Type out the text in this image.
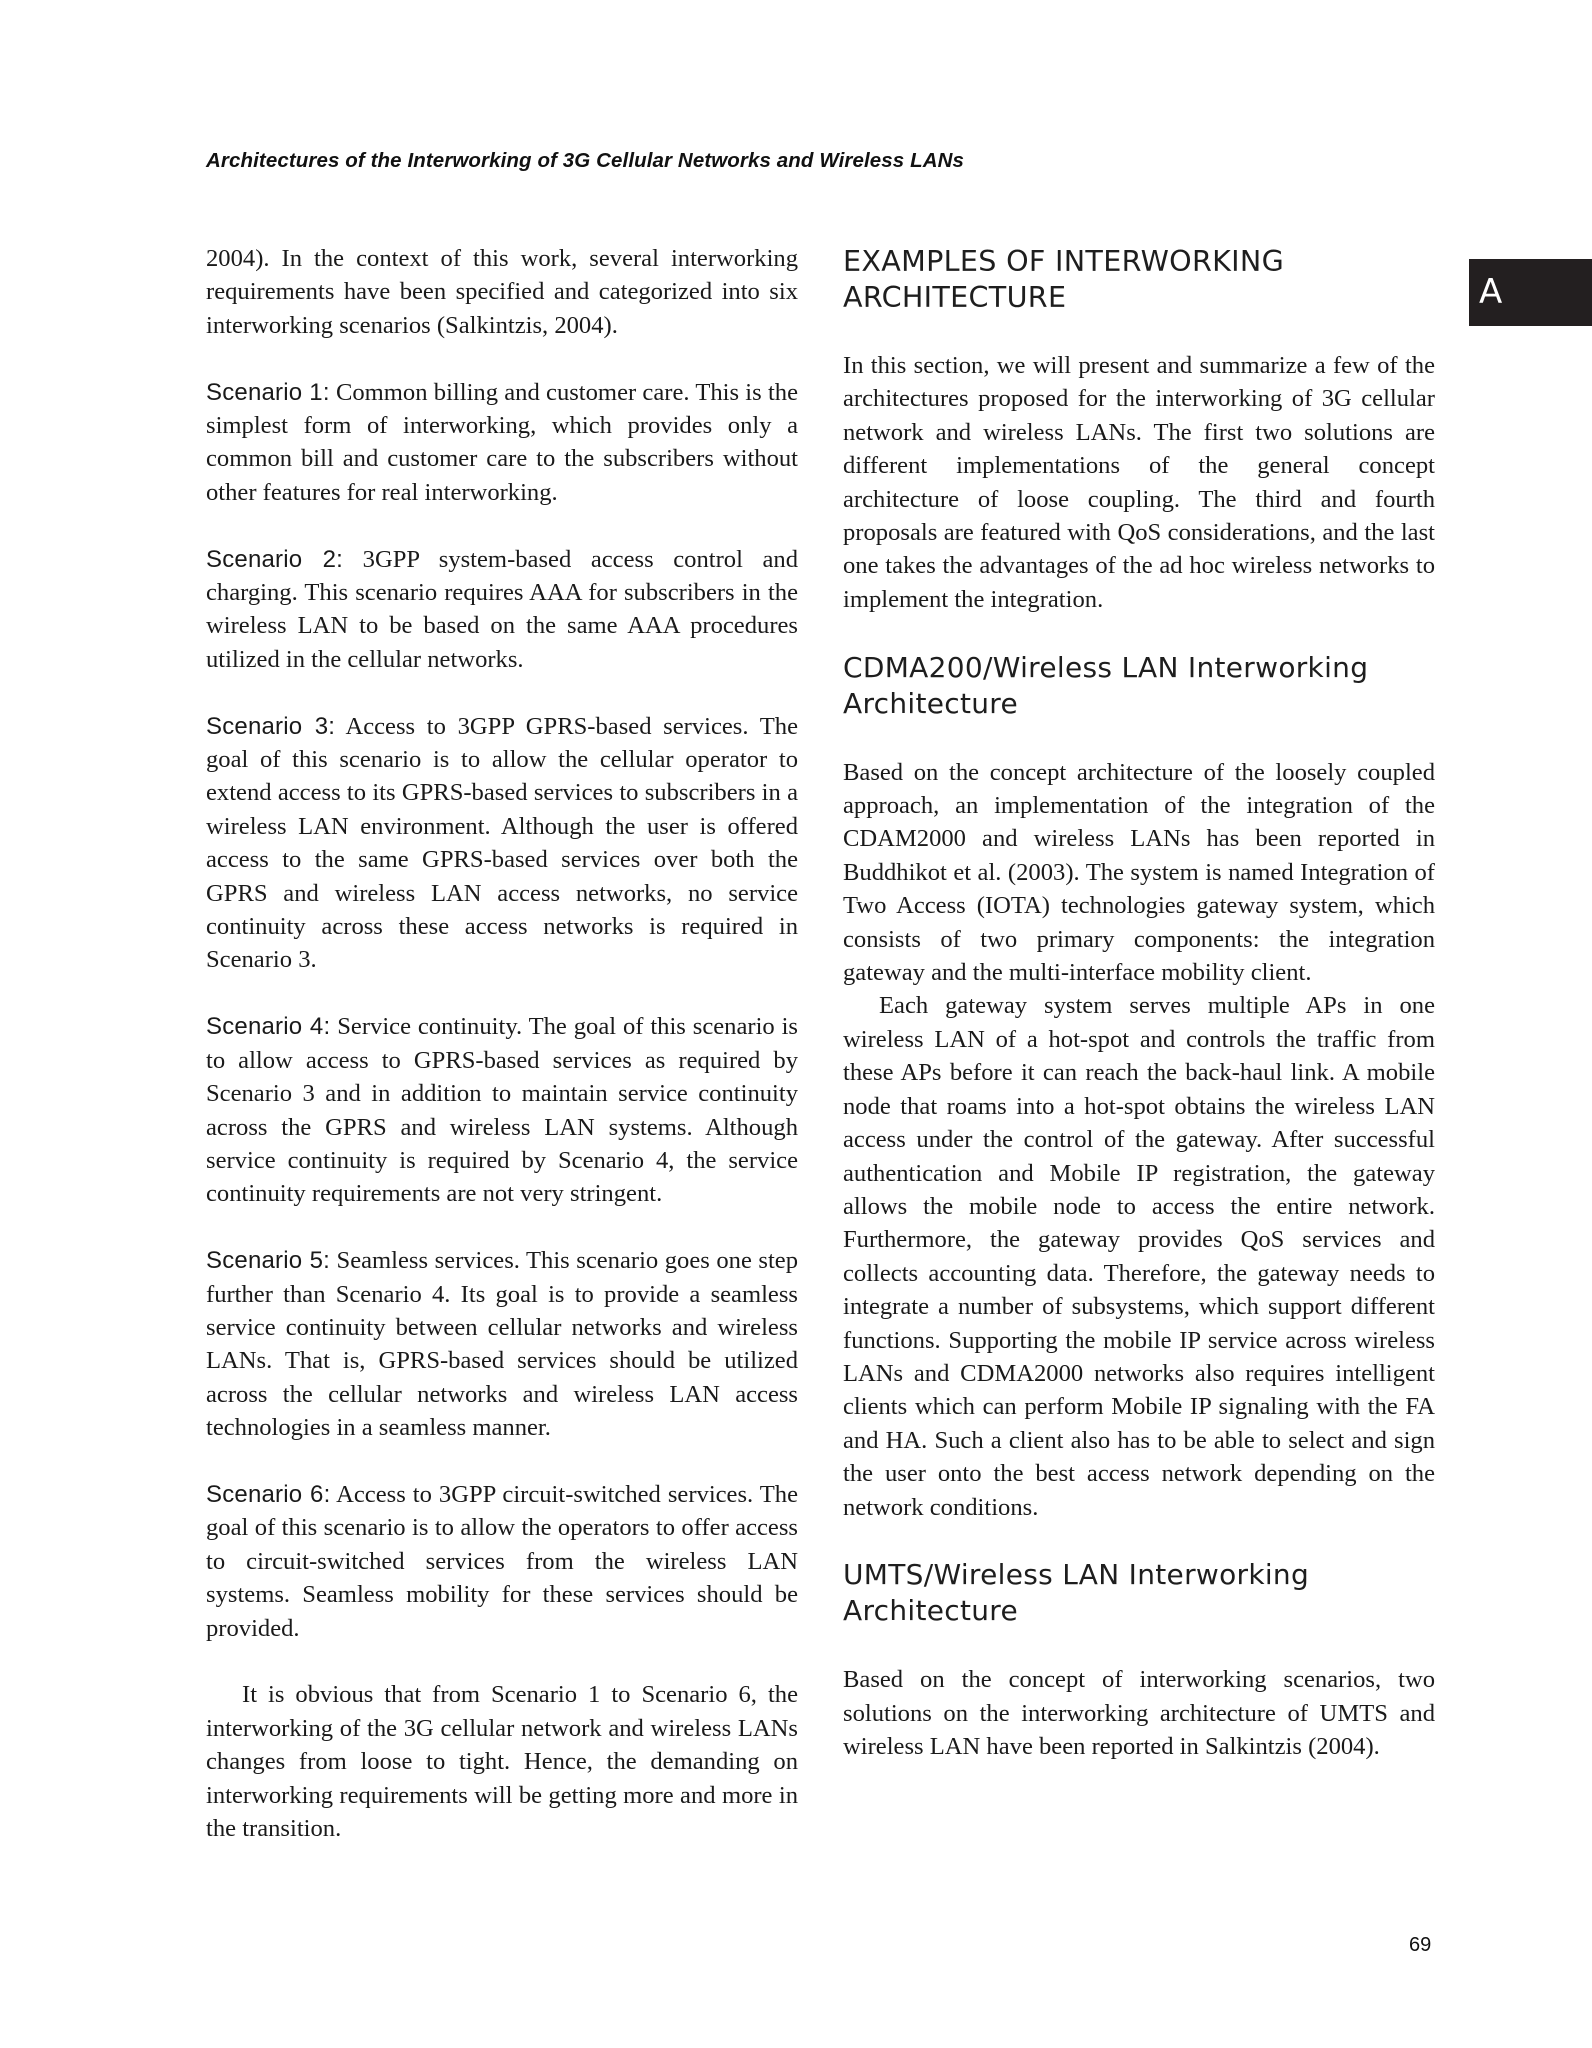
Architectures of the Interworking of 3G Cellular Networks and Wireless LANs
A

2004). In the context of this work, several interworking requirements have been specified and categorized into six interworking scenarios (Salkintzis, 2004).

Scenario 1: Common billing and customer care. This is the simplest form of interworking, which provides only a common bill and customer care to the subscribers without other features for real interworking.

Scenario 2: 3GPP system-based access control and charging. This scenario requires AAA for subscribers in the wireless LAN to be based on the same AAA procedures utilized in the cellular networks.

Scenario 3: Access to 3GPP GPRS-based services. The goal of this scenario is to allow the cellular operator to extend access to its GPRS-based services to subscribers in a wireless LAN environment. Although the user is offered access to the same GPRS-based services over both the GPRS and wireless LAN access networks, no service continuity across these access networks is required in Scenario 3.

Scenario 4: Service continuity. The goal of this scenario is to allow access to GPRS-based services as required by Scenario 3 and in addition to maintain service continuity across the GPRS and wireless LAN systems. Although service continuity is required by Scenario 4, the service continuity requirements are not very stringent.

Scenario 5: Seamless services. This scenario goes one step further than Scenario 4. Its goal is to provide a seamless service continuity between cellular networks and wireless LANs. That is, GPRS-based services should be utilized across the cellular networks and wireless LAN access technologies in a seamless manner.

Scenario 6: Access to 3GPP circuit-switched services. The goal of this scenario is to allow the operators to offer access to circuit-switched services from the wireless LAN systems. Seamless mobility for these services should be provided.

It is obvious that from Scenario 1 to Scenario 6, the interworking of the 3G cellular network and wireless LANs changes from loose to tight. Hence, the demanding on interworking requirements will be getting more and more in the transition.

EXAMPLES OF INTERWORKING ARCHITECTURE

In this section, we will present and summarize a few of the architectures proposed for the interworking of 3G cellular network and wireless LANs. The first two solutions are different implementations of the general concept architecture of loose coupling. The third and fourth proposals are featured with QoS considerations, and the last one takes the advantages of the ad hoc wireless networks to implement the integration.

CDMA200/Wireless LAN Interworking Architecture

Based on the concept architecture of the loosely coupled approach, an implementation of the integration of the CDAM2000 and wireless LANs has been reported in Buddhikot et al. (2003). The system is named Integration of Two Access (IOTA) technologies gateway system, which consists of two primary components: the integration gateway and the multi-interface mobility client.

Each gateway system serves multiple APs in one wireless LAN of a hot-spot and controls the traffic from these APs before it can reach the back-haul link. A mobile node that roams into a hot-spot obtains the wireless LAN access under the control of the gateway. After successful authentication and Mobile IP registration, the gateway allows the mobile node to access the entire network. Furthermore, the gateway provides QoS services and collects accounting data. Therefore, the gateway needs to integrate a number of subsystems, which support different functions. Supporting the mobile IP service across wireless LANs and CDMA2000 networks also requires intelligent clients which can perform Mobile IP signaling with the FA and HA. Such a client also has to be able to select and sign the user onto the best access network depending on the network conditions.

UMTS/Wireless LAN Interworking Architecture

Based on the concept of interworking scenarios, two solutions on the interworking architecture of UMTS and wireless LAN have been reported in Salkintzis (2004).

69
